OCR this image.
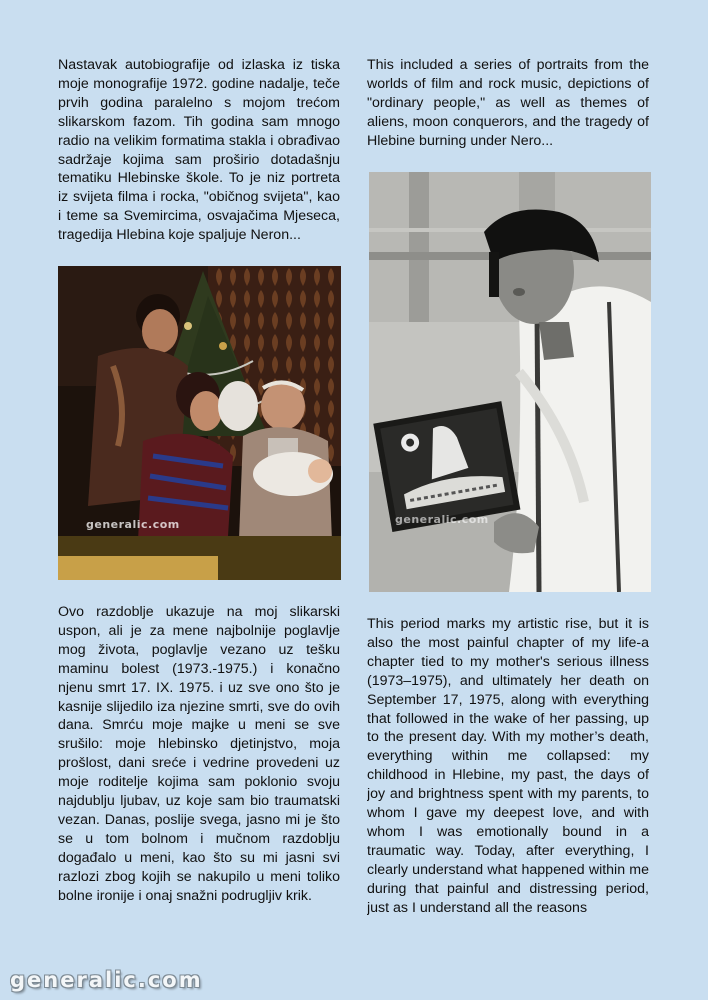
Nastavak autobiografije od izlaska iz tiska moje monografije 1972. godine nadalje, teče prvih godina paralelno s mojom trećom slikarskom fazom. Tih godina sam mnogo radio na velikim formatima stakla i obrađivao sadržaje kojima sam proširio dotadašnju tematiku Hlebinske škole. To je niz portreta iz svijeta filma i rocka, "običnog svijeta", kao i teme sa Svemircima, osvajačima Mjeseca, tragedija Hlebina koje spaljuje Neron...

This included a series of portraits from the worlds of film and rock music, depictions of "ordinary people," as well as themes of aliens, moon conquerors, and the tragedy of Hlebine burning under Nero...

generalic.com	generalic.com

Ovo razdoblje ukazuje na moj slikarski uspon, ali je za mene najbolnije poglavlje mog života, poglavlje vezano uz tešku maminu bolest (1973.-1975.) i konačno njenu smrt 17. IX. 1975. i uz sve ono što je kasnije slijedilo iza njezine smrti, sve do ovih dana. Smrću moje majke u meni se sve srušilo: moje hlebinsko djetinjstvo, moja prošlost, dani sreće i vedrine provedeni uz moje roditelje kojima sam poklonio svoju najdublju ljubav, uz koje sam bio traumatski vezan. Danas, poslije svega, jasno mi je što se u tom bolnom i mučnom razdoblju događalo u meni, kao što su mi jasni svi razlozi zbog kojih se nakupilo u meni toliko bolne ironije i onaj snažni podrugljiv krik.

This period marks my artistic rise, but it is also the most painful chapter of my life-a chapter tied to my mother's serious illness (1973–1975), and ultimately her death on September 17, 1975, along with everything that followed in the wake of her passing, up to the present day. With my mother’s death, everything within me collapsed: my childhood in Hlebine, my past, the days of joy and brightness spent with my parents, to whom I gave my deepest love, and with whom I was emotionally bound in a traumatic way. Today, after everything, I clearly understand what happened within me during that painful and distressing period, just as I understand all the reasons

generalic.com
